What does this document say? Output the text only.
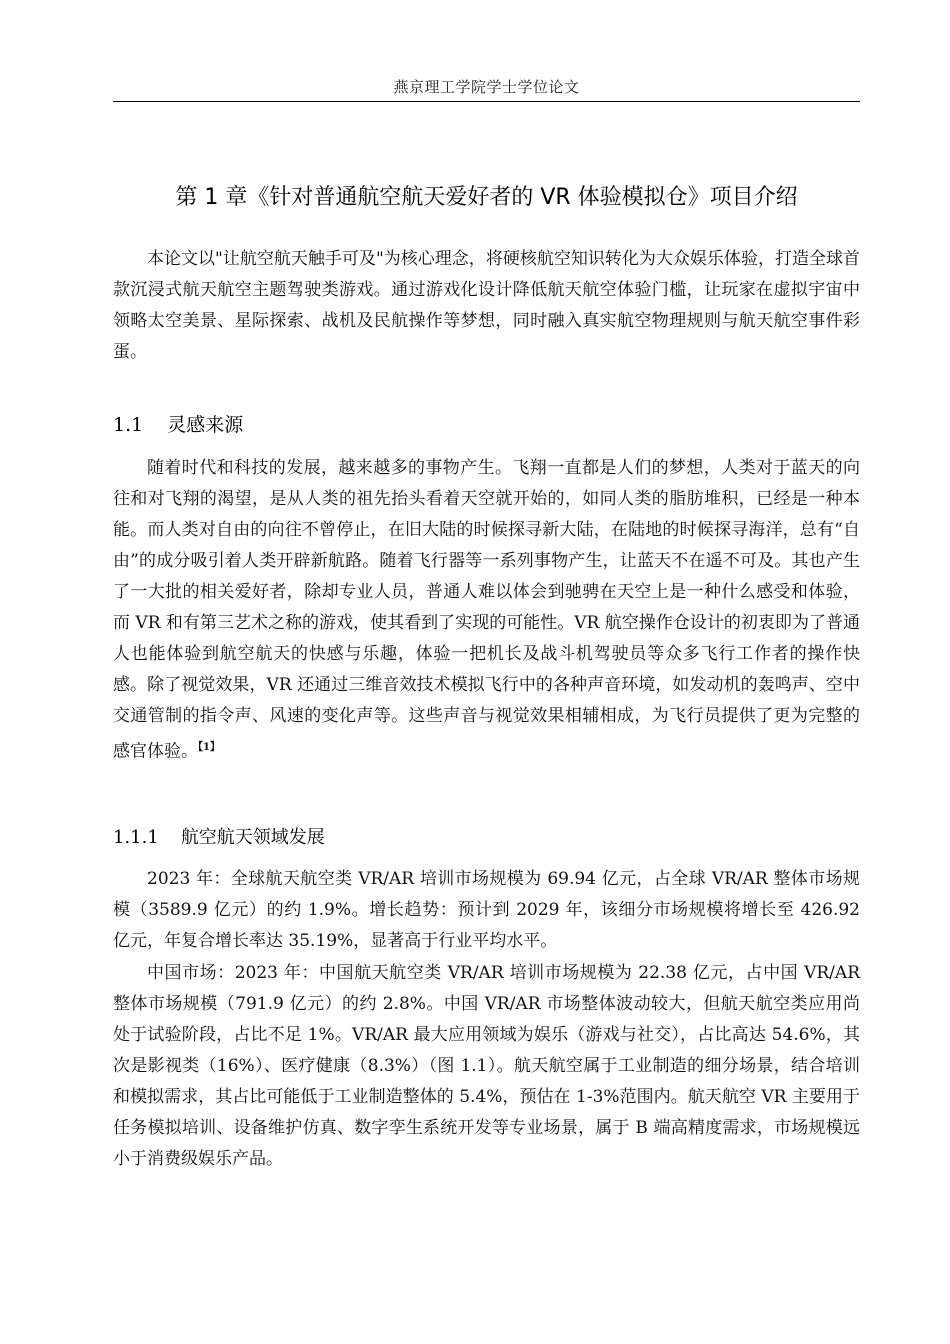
燕京理工学院学士学位论文
第 1 章《针对普通航空航天爱好者的 VR 体验模拟仓》项目介绍

本论文以"让航空航天触手可及"为核心理念，将硬核航空知识转化为大众娱乐体验，打造全球首款沉浸式航天航空主题驾驶类游戏。通过游戏化设计降低航天航空体验门槛，让玩家在虚拟宇宙中领略太空美景、星际探索、战机及民航操作等梦想，同时融入真实航空物理规则与航天航空事件彩蛋。

1.1 灵感来源

随着时代和科技的发展，越来越多的事物产生。飞翔一直都是人们的梦想，人类对于蓝天的向往和对飞翔的渴望，是从人类的祖先抬头看着天空就开始的，如同人类的脂肪堆积，已经是一种本能。而人类对自由的向往不曾停止，在旧大陆的时候探寻新大陆，在陆地的时候探寻海洋，总有“自由”的成分吸引着人类开辟新航路。随着飞行器等一系列事物产生，让蓝天不在遥不可及。其也产生了一大批的相关爱好者，除却专业人员，普通人难以体会到驰骋在天空上是一种什么感受和体验，而 VR 和有第三艺术之称的游戏，使其看到了实现的可能性。VR 航空操作仓设计的初衷即为了普通人也能体验到航空航天的快感与乐趣，体验一把机长及战斗机驾驶员等众多飞行工作者的操作快感。除了视觉效果，VR 还通过三维音效技术模拟飞行中的各种声音环境，如发动机的轰鸣声、空中交通管制的指令声、风速的变化声等。这些声音与视觉效果相辅相成，为飞行员提供了更为完整的感官体验。$^{【1】}$

1.1.1 航空航天领域发展

2023 年：全球航天航空类 VR/AR 培训市场规模为 69.94 亿元，占全球 VR/AR 整体市场规模（3589.9 亿元）的约 1.9%。增长趋势：预计到 2029 年，该细分市场规模将增长至 426.92 亿元，年复合增长率达 35.19%，显著高于行业平均水平。

中国市场：2023 年：中国航天航空类 VR/AR 培训市场规模为 22.38 亿元，占中国 VR/AR 整体市场规模（791.9 亿元）的约 2.8%。中国 VR/AR 市场整体波动较大，但航天航空类应用尚处于试验阶段，占比不足 1%。VR/AR 最大应用领域为娱乐（游戏与社交），占比高达 54.6%，其次是影视类（16%）、医疗健康（8.3%）（图 1.1）。航天航空属于工业制造的细分场景，结合培训和模拟需求，其占比可能低于工业制造整体的 5.4%，预估在 1-3%范围内。航天航空 VR 主要用于任务模拟培训、设备维护仿真、数字孪生系统开发等专业场景，属于 B 端高精度需求，市场规模远小于消费级娱乐产品。
